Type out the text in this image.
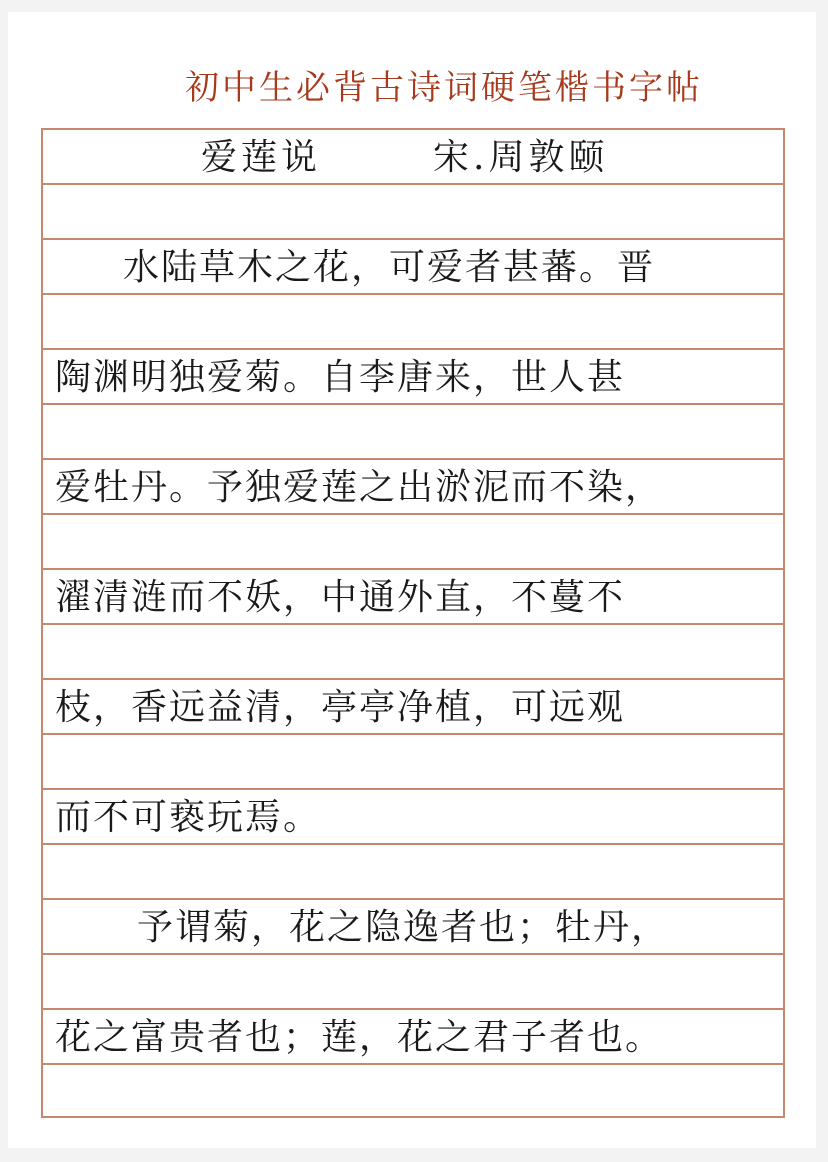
初中生必背古诗词硬笔楷书字帖
爱莲说	宋.周敦颐
水陆草木之花，可爱者甚蕃。晋
陶渊明独爱菊。自李唐来，世人甚
爱牡丹。予独爱莲之出淤泥而不染，
濯清涟而不妖，中通外直，不蔓不
枝，香远益清，亭亭净植，可远观
而不可亵玩焉。
予谓菊，花之隐逸者也；牡丹，
花之富贵者也；莲，花之君子者也。
